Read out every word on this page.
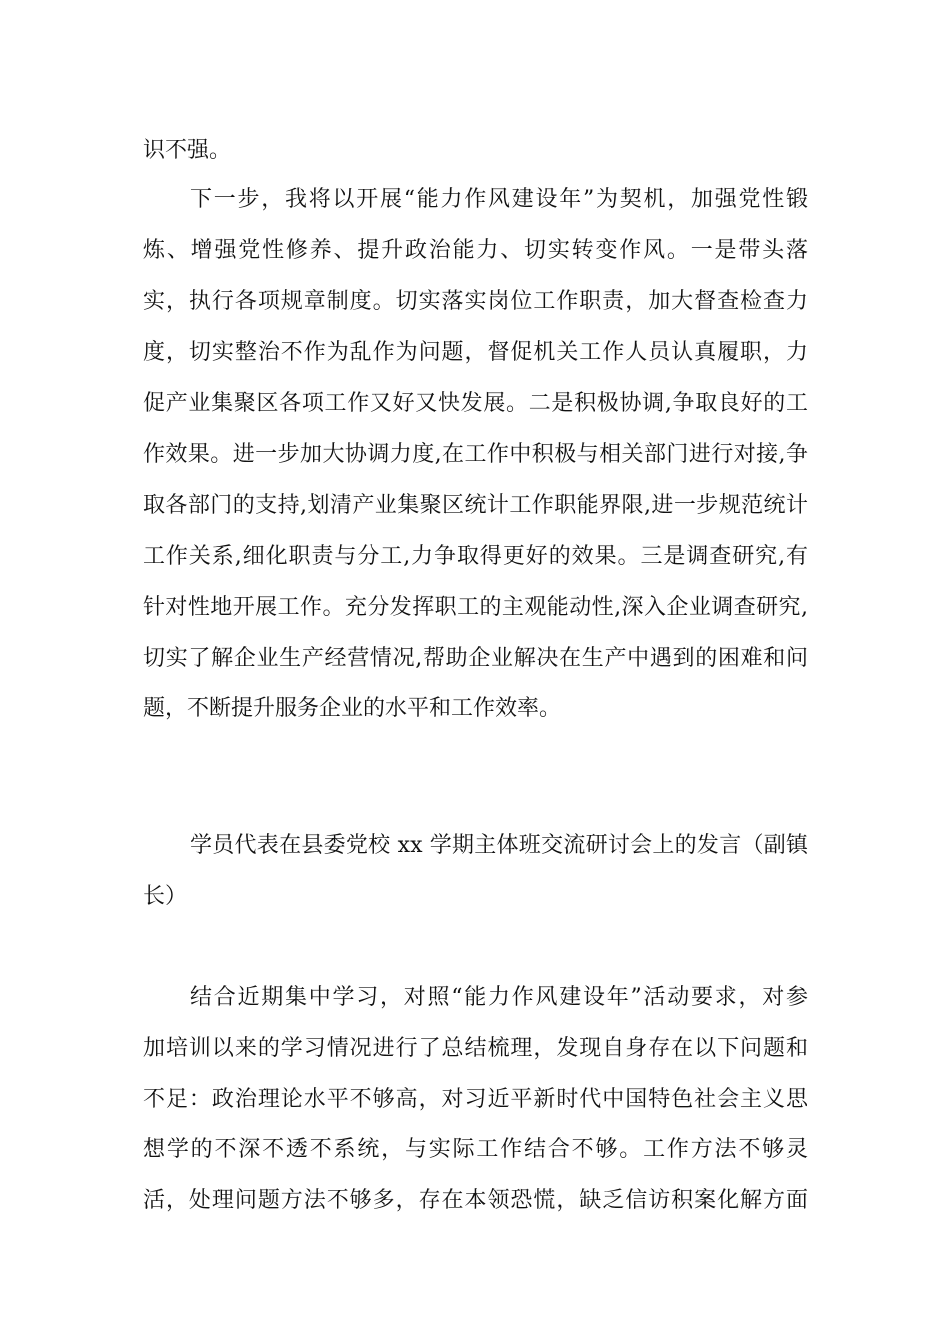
识不强。
下一步，我将以开展“能力作风建设年”为契机，加强党性锻
炼、增强党性修养、提升政治能力、切实转变作风。一是带头落
实，执行各项规章制度。切实落实岗位工作职责，加大督查检查力
度，切实整治不作为乱作为问题，督促机关工作人员认真履职，力
促产业集聚区各项工作又好又快发展。二是积极协调,争取良好的工
作效果。进一步加大协调力度,在工作中积极与相关部门进行对接,争
取各部门的支持,划清产业集聚区统计工作职能界限,进一步规范统计
工作关系,细化职责与分工,力争取得更好的效果。三是调查研究,有
针对性地开展工作。充分发挥职工的主观能动性,深入企业调查研究,
切实了解企业生产经营情况,帮助企业解决在生产中遇到的困难和问
题，不断提升服务企业的水平和工作效率。
学员代表在县委党校 xx 学期主体班交流研讨会上的发言（副镇
长）
结合近期集中学习，对照“能力作风建设年”活动要求，对参
加培训以来的学习情况进行了总结梳理，发现自身存在以下问题和
不足：政治理论水平不够高，对习近平新时代中国特色社会主义思
想学的不深不透不系统，与实际工作结合不够。工作方法不够灵
活，处理问题方法不够多，存在本领恐慌，缺乏信访积案化解方面
